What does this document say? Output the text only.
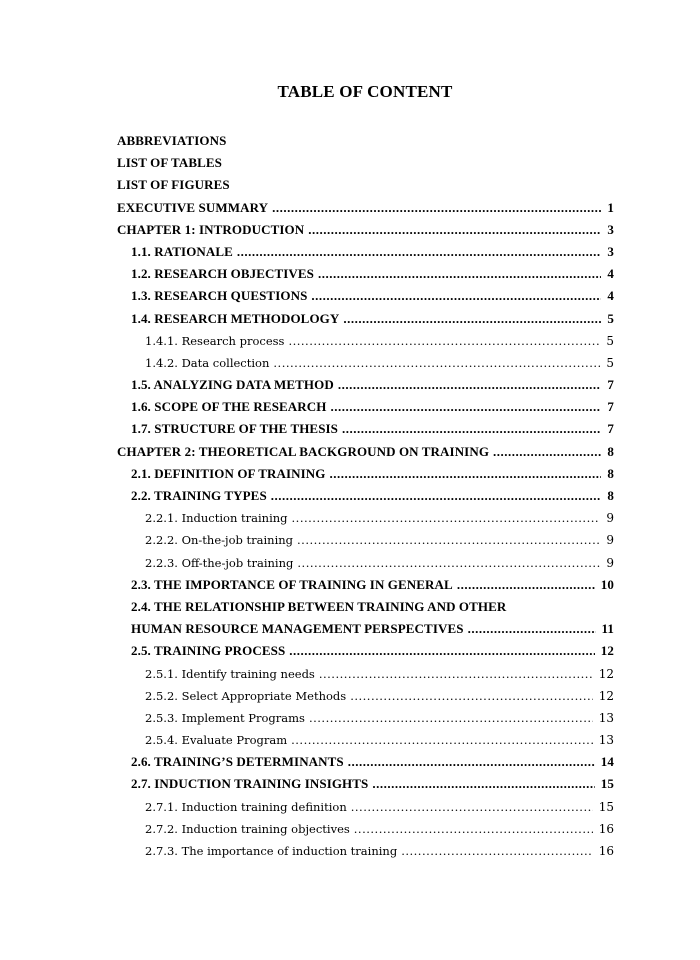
TABLE OF CONTENT
ABBREVIATIONS
LIST OF TABLES
LIST OF FIGURES
EXECUTIVE SUMMARY .....	1
CHAPTER 1: INTRODUCTION .....	3
1.1. RATIONALE .....	3
1.2. RESEARCH OBJECTIVES .....	4
1.3. RESEARCH QUESTIONS .....	4
1.4. RESEARCH METHODOLOGY .....	5
1.4.1. Research process .....	5
1.4.2. Data collection .....	5
1.5. ANALYZING DATA METHOD .....	7
1.6. SCOPE OF THE RESEARCH .....	7
1.7. STRUCTURE OF THE THESIS .....	7
CHAPTER 2: THEORETICAL BACKGROUND ON TRAINING .....	8
2.1. DEFINITION OF TRAINING .....	8
2.2. TRAINING TYPES .....	8
2.2.1. Induction training .....	9
2.2.2. On-the-job training .....	9
2.2.3. Off-the-job training .....	9
2.3. THE IMPORTANCE OF TRAINING IN GENERAL .....	10
2.4. THE RELATIONSHIP BETWEEN TRAINING AND OTHER
HUMAN RESOURCE MANAGEMENT PERSPECTIVES .....	11
2.5. TRAINING PROCESS .....	12
2.5.1. Identify training needs .....	12
2.5.2. Select Appropriate Methods .....	12
2.5.3. Implement Programs .....	13
2.5.4. Evaluate Program .....	13
2.6. TRAINING’S DETERMINANTS .....	14
2.7. INDUCTION TRAINING INSIGHTS .....	15
2.7.1. Induction training definition .....	15
2.7.2. Induction training objectives .....	16
2.7.3. The importance of induction training .....	16
